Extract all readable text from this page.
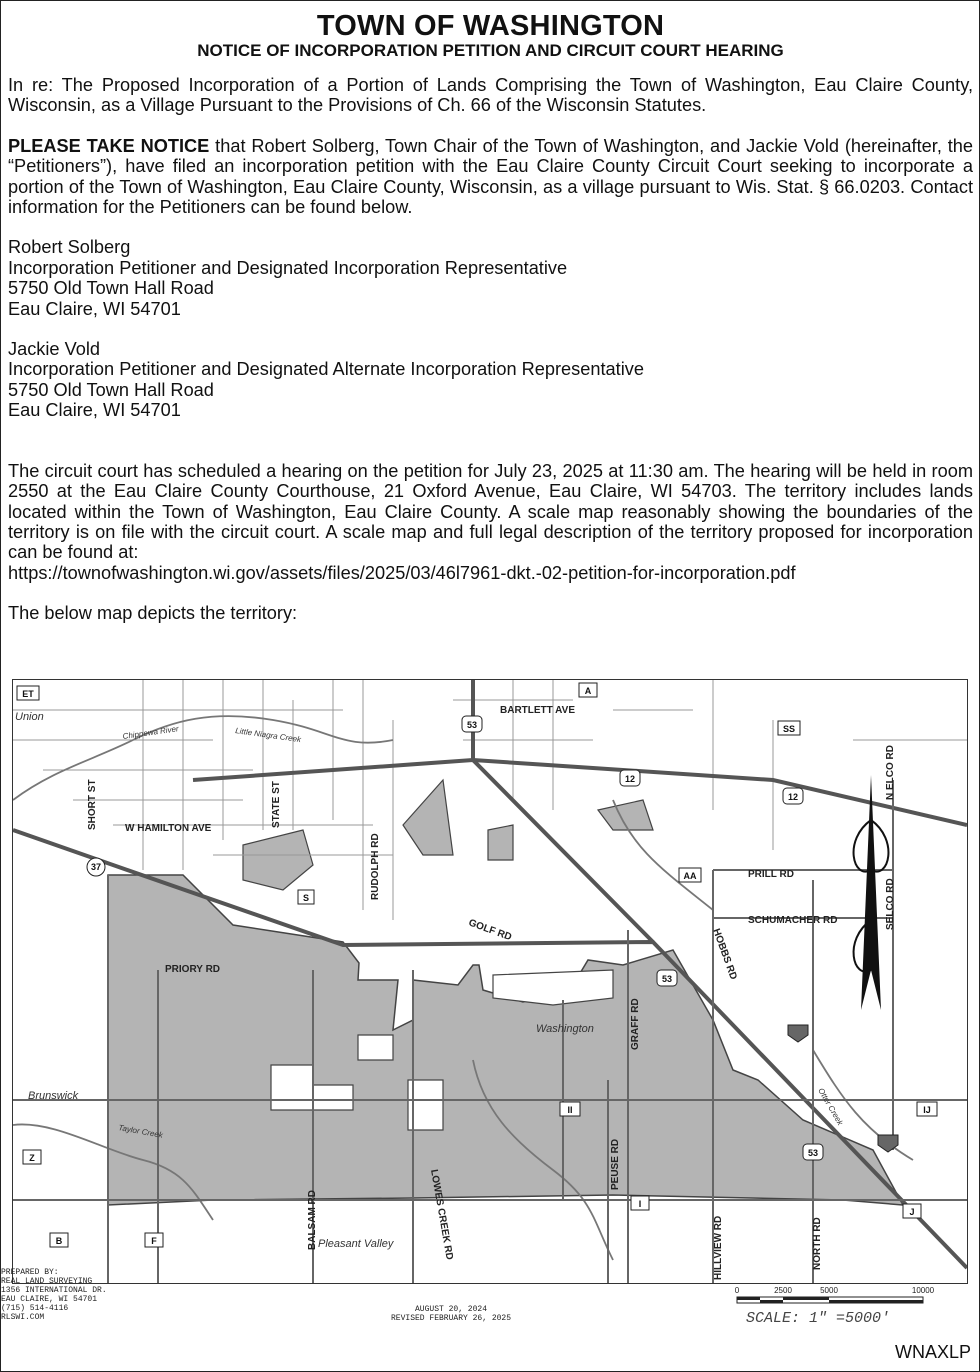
TOWN OF WASHINGTON
NOTICE OF INCORPORATION PETITION AND CIRCUIT COURT HEARING

In re: The Proposed Incorporation of a Portion of Lands Comprising the Town of Washington, Eau Claire County, Wisconsin, as a Village Pursuant to the Provisions of Ch. 66 of the Wisconsin Statutes.

PLEASE TAKE NOTICE that Robert Solberg, Town Chair of the Town of Washington, and Jackie Vold (hereinafter, the “Petitioners”), have filed an incorporation petition with the Eau Claire County Circuit Court seeking to incorporate a portion of the Town of Washington, Eau Claire County, Wisconsin, as a village pursuant to Wis. Stat. § 66.0203. Contact information for the Petitioners can be found below.

Robert Solberg
Incorporation Petitioner and Designated Incorporation Representative
5750 Old Town Hall Road
Eau Claire, WI 54701
Jackie Vold
Incorporation Petitioner and Designated Alternate Incorporation Representative
5750 Old Town Hall Road
Eau Claire, WI 54701

The circuit court has scheduled a hearing on the petition for July 23, 2025 at 11:30 am. The hearing will be held in room 2550 at the Eau Claire County Courthouse, 21 Oxford Avenue, Eau Claire, WI 54703. The territory includes lands located within the Town of Washington, Eau Claire County. A scale map reasonably showing the boundaries of the territory is on file with the circuit court. A scale map and full legal description of the territory proposed for incorporation can be found at:
https://townofwashington.wi.gov/assets/files/2025/03/46l7961-dkt.-02-petition-for-incorporation.pdf

The below map depicts the territory:

BARTLETT AVE
W HAMILTON AVE
SHORT ST	STATE ST
RUDOLPH RD	PRILL RD
SCHUMACHER RD	SELCO RD
N ELCO RD
PRIORY RD
GOLF RD	HOBBS RD
GRAFF RD
LOWES CREEK RD
PEUSE RD
BALSAM RD	HILLVIEW RD	NORTH RD
Washington
Brunswick
Pleasant Valley
Union
Chippewa River	Little Niagra Creek
Otter Creek
Taylor Creek
53
53
53
12
12
37
A
SS
AA
ET
II
I
IJ
J
Z
B	F
S
PREPARED BY:
REAL LAND SURVEYING
1356 INTERNATIONAL DR.
EAU CLAIRE, WI 54701
(715) 514-4116
RLSWI.COM
AUGUST 20, 2024
REVISED FEBRUARY 26, 2025
0	2500	5000	10000
SCALE: 1" =5000'
WNAXLP
